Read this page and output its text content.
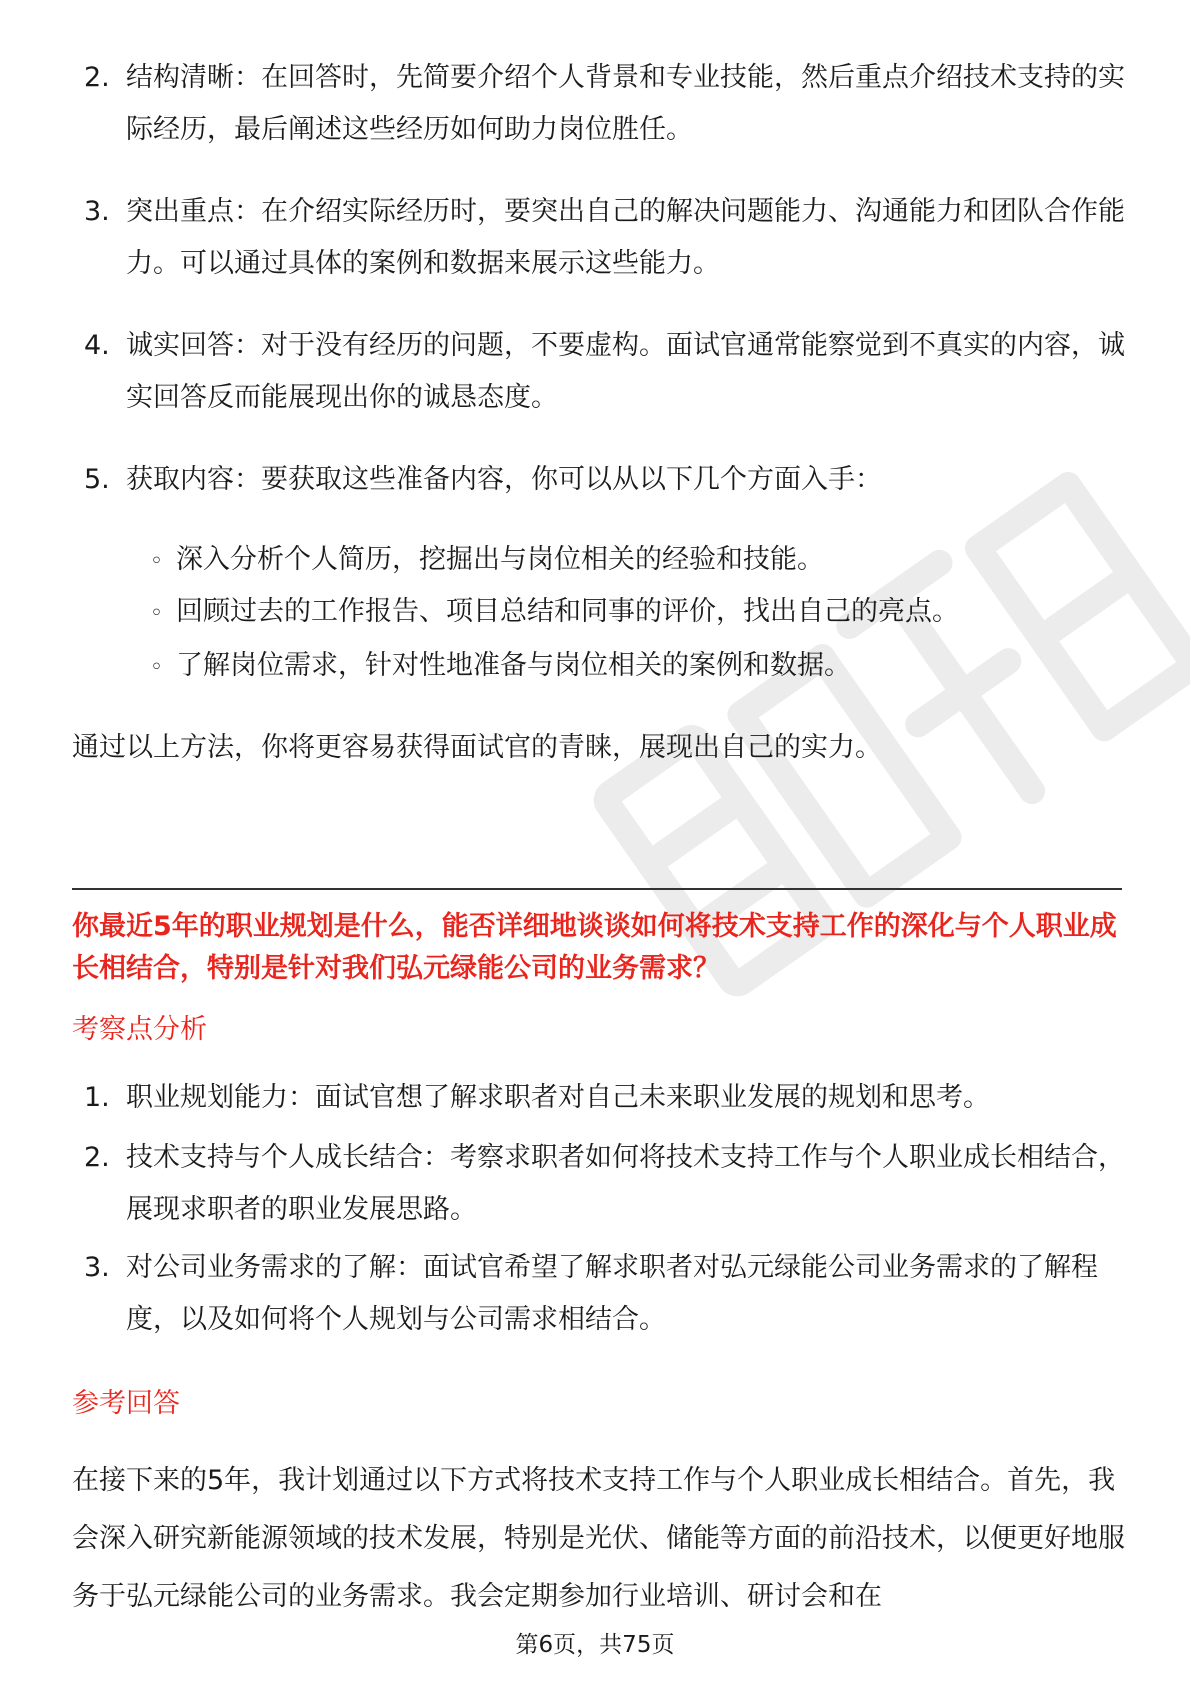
2. 结构清晰：在回答时，先简要介绍个人背景和专业技能，然后重点介绍技术支持的实际经历，最后阐述这些经历如何助力岗位胜任。
3. 突出重点：在介绍实际经历时，要突出自己的解决问题能力、沟通能力和团队合作能力。可以通过具体的案例和数据来展示这些能力。
4. 诚实回答：对于没有经历的问题，不要虚构。面试官通常能察觉到不真实的内容，诚实回答反而能展现出你的诚恳态度。
5. 获取内容：要获取这些准备内容，你可以从以下几个方面入手：
◦ 深入分析个人简历，挖掘出与岗位相关的经验和技能。
◦ 回顾过去的工作报告、项目总结和同事的评价，找出自己的亮点。
◦ 了解岗位需求，针对性地准备与岗位相关的案例和数据。
通过以上方法，你将更容易获得面试官的青睐，展现出自己的实力。
你最近5年的职业规划是什么，能否详细地谈谈如何将技术支持工作的深化与个人职业成长相结合，特别是针对我们弘元绿能公司的业务需求？
考察点分析
1. 职业规划能力：面试官想了解求职者对自己未来职业发展的规划和思考。
2. 技术支持与个人成长结合：考察求职者如何将技术支持工作与个人职业成长相结合，展现求职者的职业发展思路。
3. 对公司业务需求的了解：面试官希望了解求职者对弘元绿能公司业务需求的了解程度，以及如何将个人规划与公司需求相结合。
参考回答
在接下来的5年，我计划通过以下方式将技术支持工作与个人职业成长相结合。首先，我会深入研究新能源领域的技术发展，特别是光伏、储能等方面的前沿技术，以便更好地服务于弘元绿能公司的业务需求。我会定期参加行业培训、研讨会和在
第6页，共75页
